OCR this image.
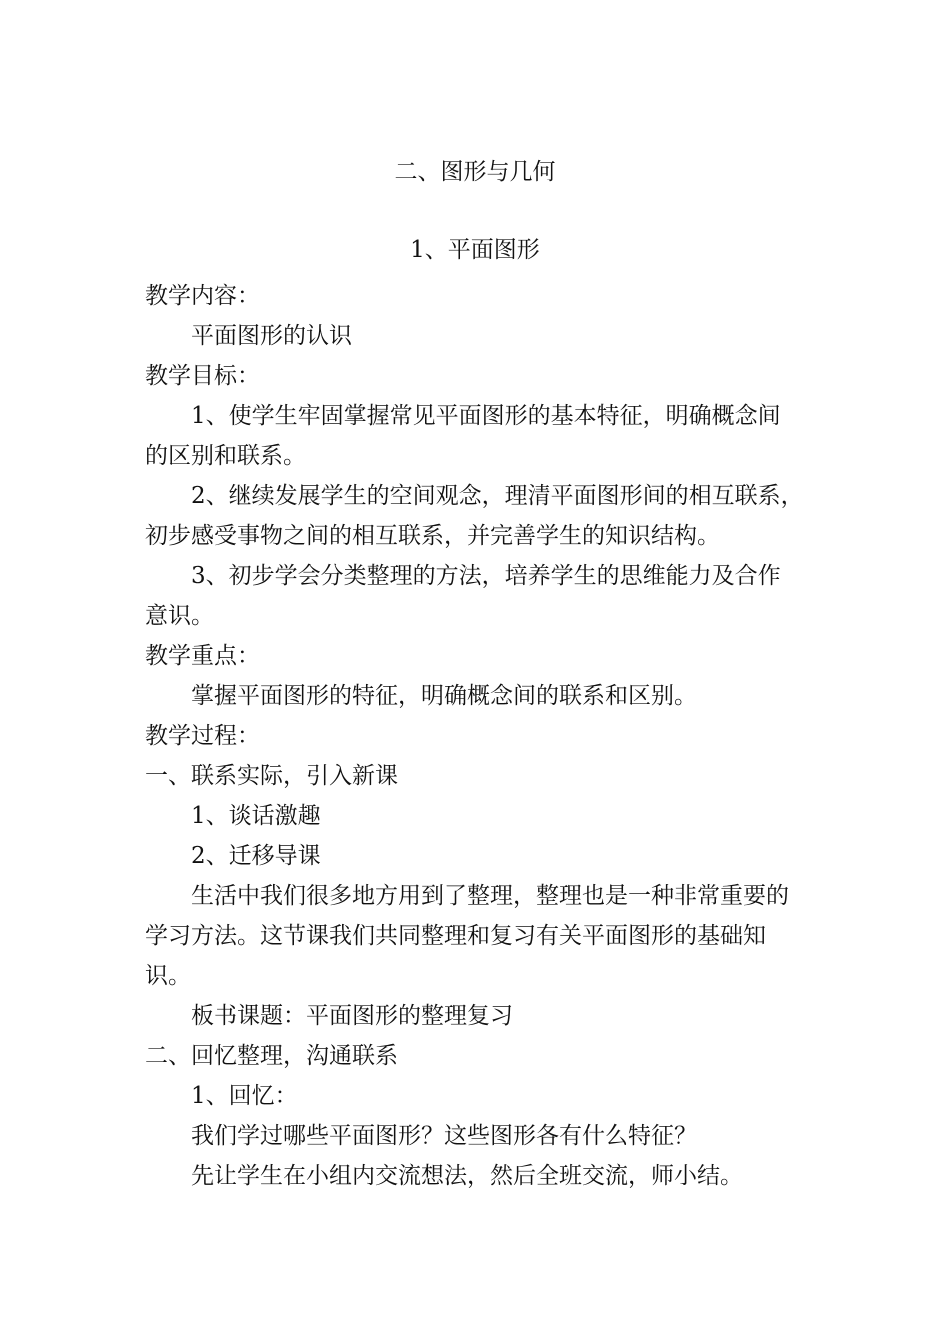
二、图形与几何
1、平面图形
教学内容：
平面图形的认识
教学目标：
1、使学生牢固掌握常见平面图形的基本特征，明确概念间
的区别和联系。
2、继续发展学生的空间观念，理清平面图形间的相互联系，
初步感受事物之间的相互联系，并完善学生的知识结构。
3、初步学会分类整理的方法，培养学生的思维能力及合作
意识。
教学重点：
掌握平面图形的特征，明确概念间的联系和区别。
教学过程：
一、联系实际，引入新课
1、谈话激趣
2、迁移导课
生活中我们很多地方用到了整理，整理也是一种非常重要的
学习方法。这节课我们共同整理和复习有关平面图形的基础知
识。
板书课题：平面图形的整理复习
二、回忆整理，沟通联系
1、回忆：
我们学过哪些平面图形？这些图形各有什么特征？
先让学生在小组内交流想法，然后全班交流，师小结。
